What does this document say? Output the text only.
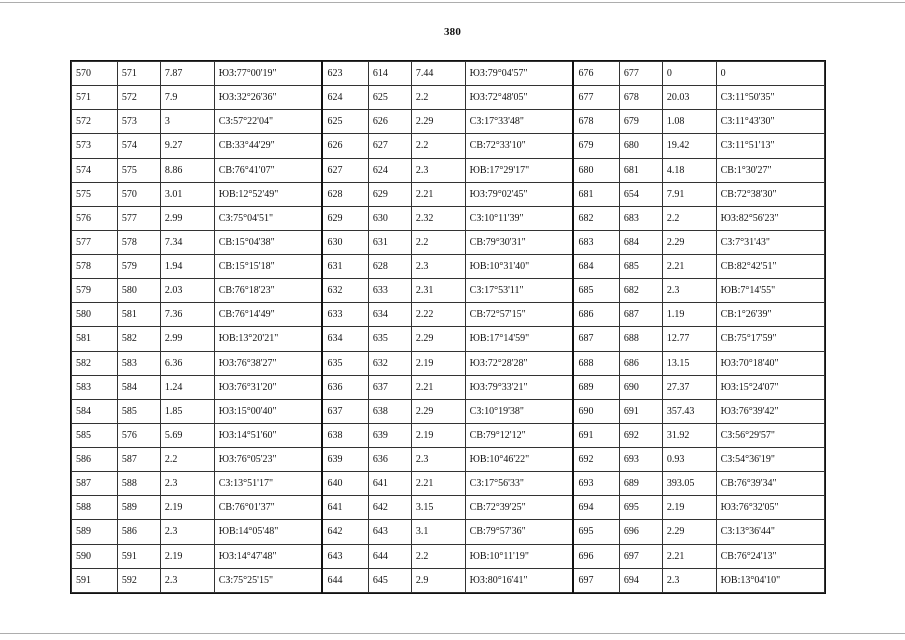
380
570	571	7.87	ЮЗ:77°00'19"	623	614	7.44	ЮЗ:79°04'57"	676	677	0	0
571	572	7.9	ЮЗ:32°26'36"	624	625	2.2	ЮЗ:72°48'05"	677	678	20.03	СЗ:11°50'35"
572	573	3	СЗ:57°22'04"	625	626	2.29	СЗ:17°33'48"	678	679	1.08	СЗ:11°43'30"
573	574	9.27	СВ:33°44'29"	626	627	2.2	СВ:72°33'10"	679	680	19.42	СЗ:11°51'13"
574	575	8.86	СВ:76°41'07"	627	624	2.3	ЮВ:17°29'17"	680	681	4.18	СВ:1°30'27"
575	570	3.01	ЮВ:12°52'49"	628	629	2.21	ЮЗ:79°02'45"	681	654	7.91	СВ:72°38'30"
576	577	2.99	СЗ:75°04'51"	629	630	2.32	СЗ:10°11'39"	682	683	2.2	ЮЗ:82°56'23"
577	578	7.34	СВ:15°04'38"	630	631	2.2	СВ:79°30'31"	683	684	2.29	СЗ:7°31'43"
578	579	1.94	СВ:15°15'18"	631	628	2.3	ЮВ:10°31'40"	684	685	2.21	СВ:82°42'51"
579	580	2.03	СВ:76°18'23"	632	633	2.31	СЗ:17°53'11"	685	682	2.3	ЮВ:7°14'55"
580	581	7.36	СВ:76°14'49"	633	634	2.22	СВ:72°57'15"	686	687	1.19	СВ:1°26'39"
581	582	2.99	ЮВ:13°20'21"	634	635	2.29	ЮВ:17°14'59"	687	688	12.77	СВ:75°17'59"
582	583	6.36	ЮЗ:76°38'27"	635	632	2.19	ЮЗ:72°28'28"	688	686	13.15	ЮЗ:70°18'40"
583	584	1.24	ЮЗ:76°31'20"	636	637	2.21	ЮЗ:79°33'21"	689	690	27.37	ЮЗ:15°24'07"
584	585	1.85	ЮЗ:15°00'40"	637	638	2.29	СЗ:10°19'38"	690	691	357.43	ЮЗ:76°39'42"
585	576	5.69	ЮЗ:14°51'60"	638	639	2.19	СВ:79°12'12"	691	692	31.92	СЗ:56°29'57"
586	587	2.2	ЮЗ:76°05'23"	639	636	2.3	ЮВ:10°46'22"	692	693	0.93	СЗ:54°36'19"
587	588	2.3	СЗ:13°51'17"	640	641	2.21	СЗ:17°56'33"	693	689	393.05	СВ:76°39'34"
588	589	2.19	СВ:76°01'37"	641	642	3.15	СВ:72°39'25"	694	695	2.19	ЮЗ:76°32'05"
589	586	2.3	ЮВ:14°05'48"	642	643	3.1	СВ:79°57'36"	695	696	2.29	СЗ:13°36'44"
590	591	2.19	ЮЗ:14°47'48"	643	644	2.2	ЮВ:10°11'19"	696	697	2.21	СВ:76°24'13"
591	592	2.3	СЗ:75°25'15"	644	645	2.9	ЮЗ:80°16'41"	697	694	2.3	ЮВ:13°04'10"
